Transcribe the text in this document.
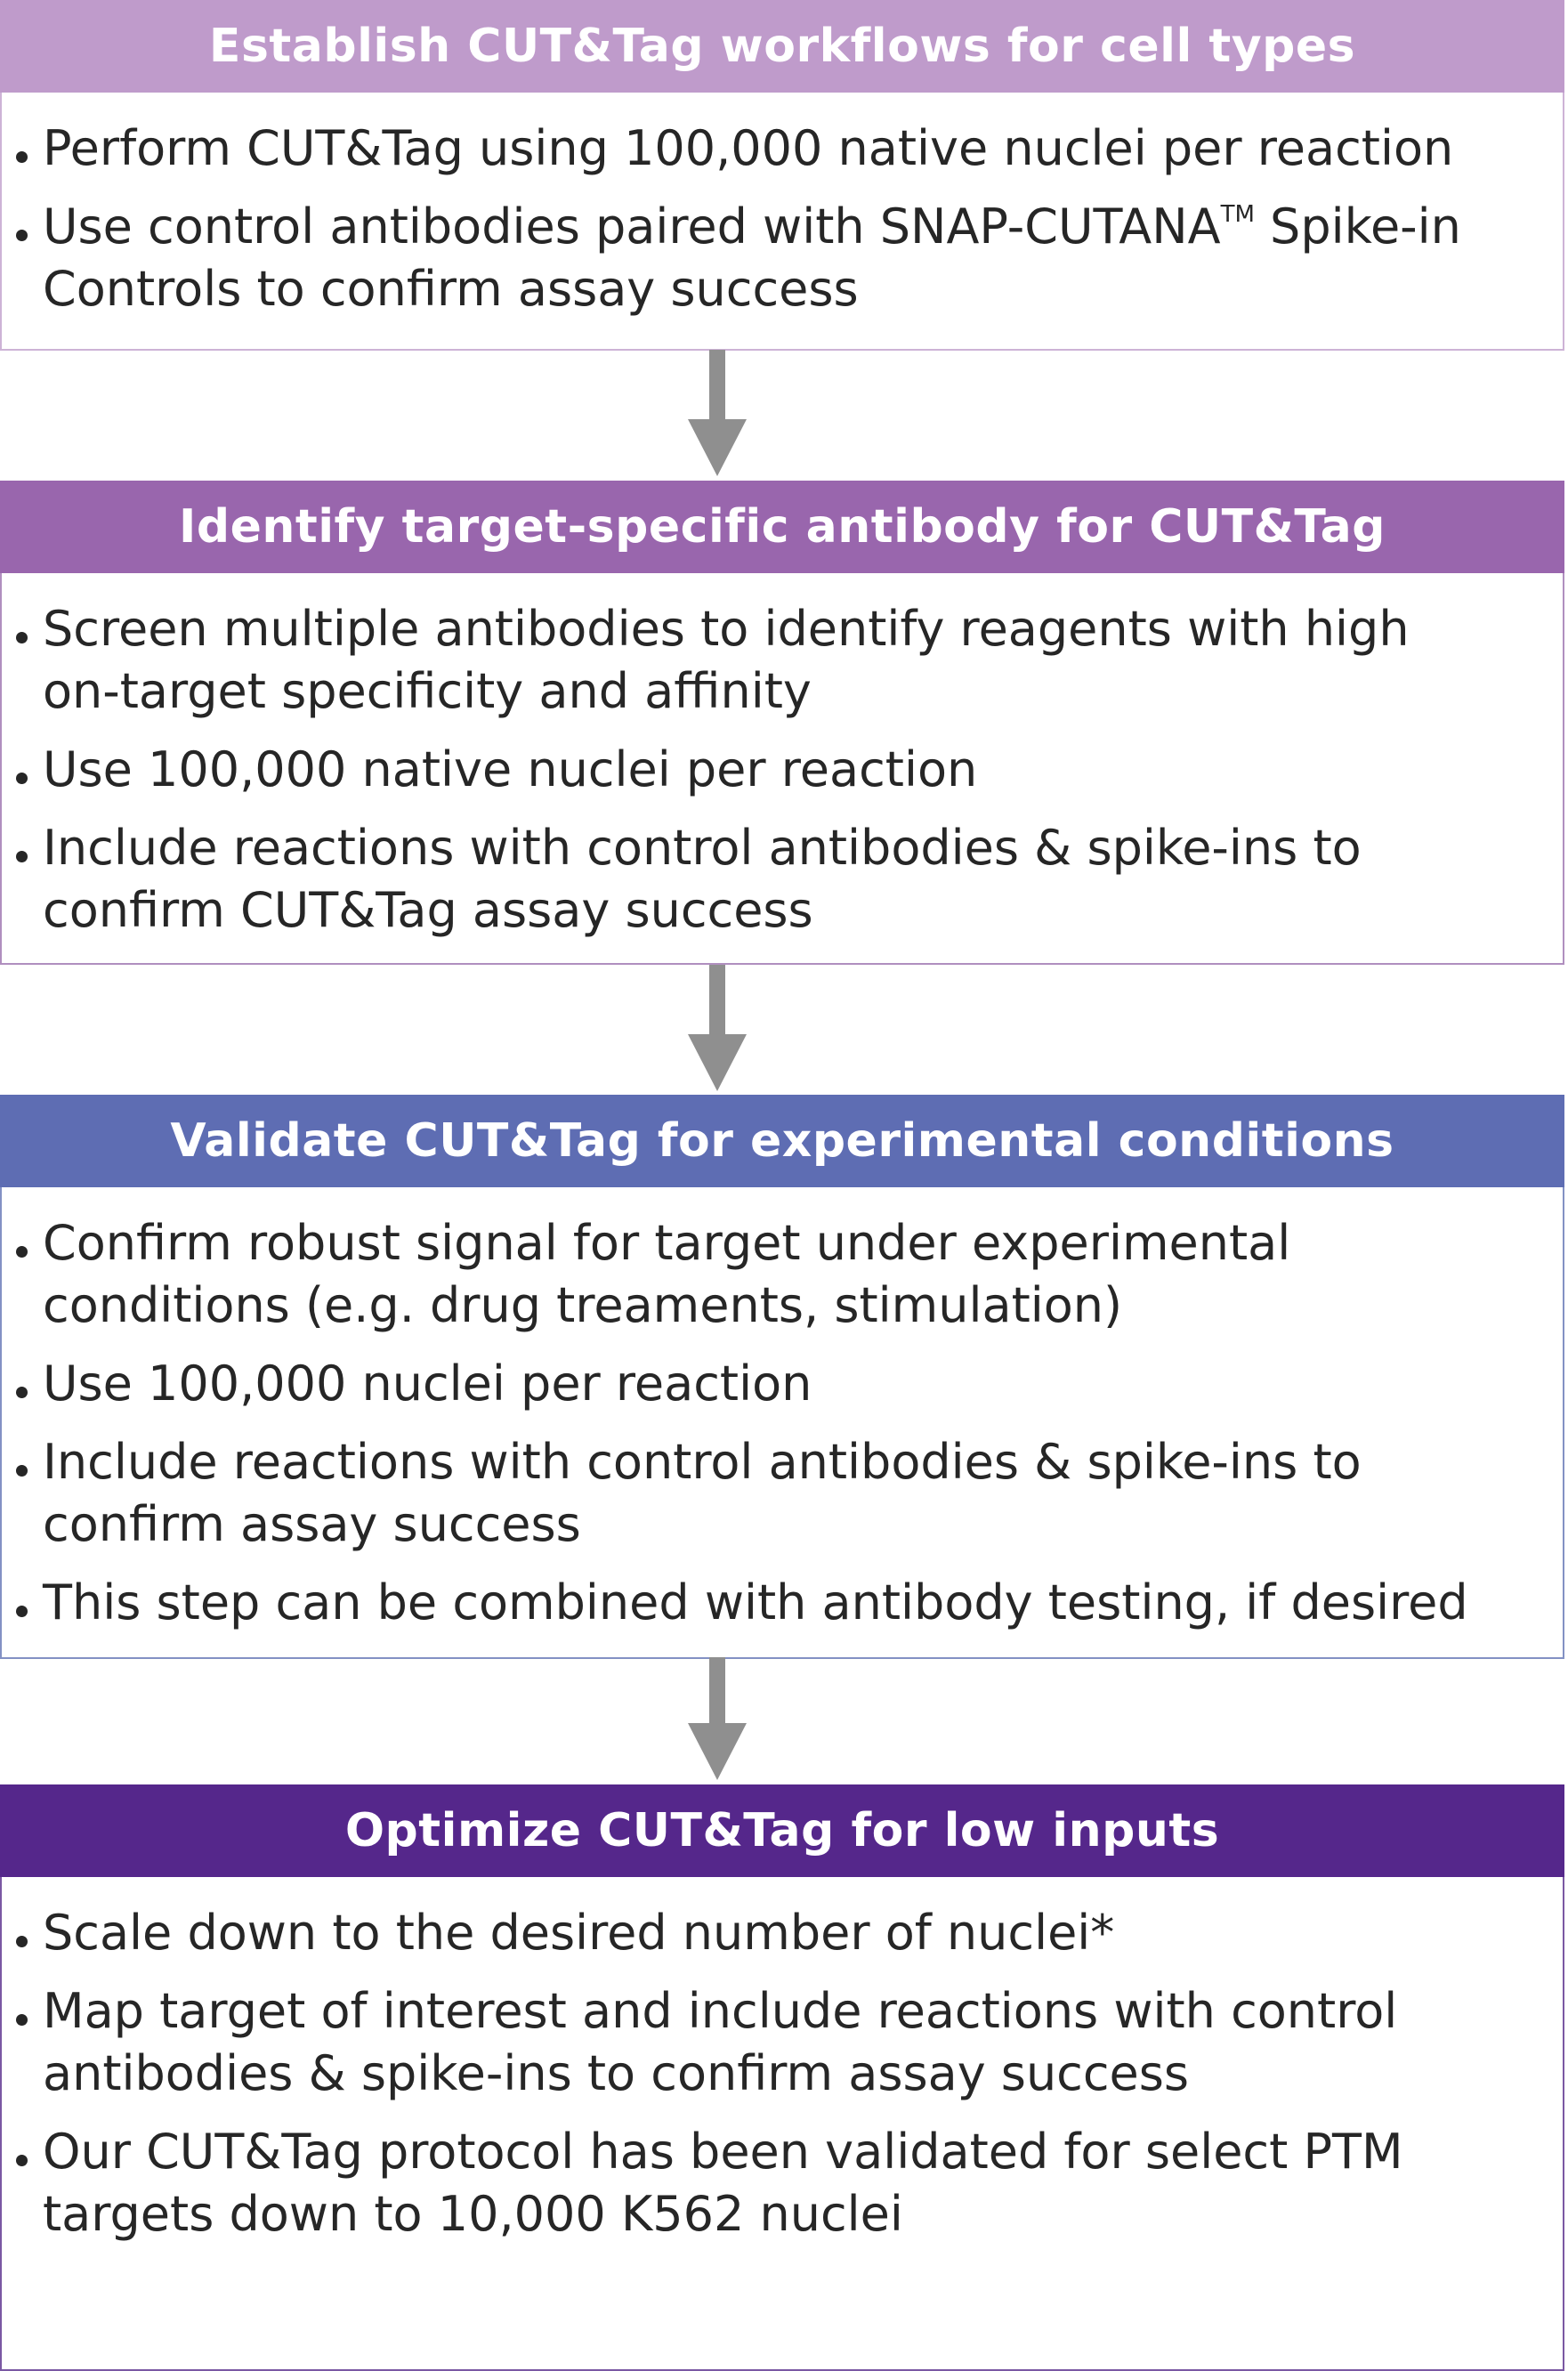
Establish CUT&Tag workflows for cell types
Perform CUT&Tag using 100,000 native nuclei per reaction
Use control antibodies paired with SNAP-CUTANA™ Spike-in
Controls to confirm assay success
Identify target-specific antibody for CUT&Tag
Screen multiple antibodies to identify reagents with high
on-target specificity and affinity
Use 100,000 native nuclei per reaction
Include reactions with control antibodies & spike-ins to
confirm CUT&Tag assay success
Validate CUT&Tag for experimental conditions
Confirm robust signal for target under experimental
conditions (e.g. drug treaments, stimulation)
Use 100,000 nuclei per reaction
Include reactions with control antibodies & spike-ins to
confirm assay success
This step can be combined with antibody testing, if desired
Optimize CUT&Tag for low inputs
Scale down to the desired number of nuclei*
Map target of interest and include reactions with control
antibodies & spike-ins to confirm assay success
Our CUT&Tag protocol has been validated for select PTM
targets down to 10,000 K562 nuclei
